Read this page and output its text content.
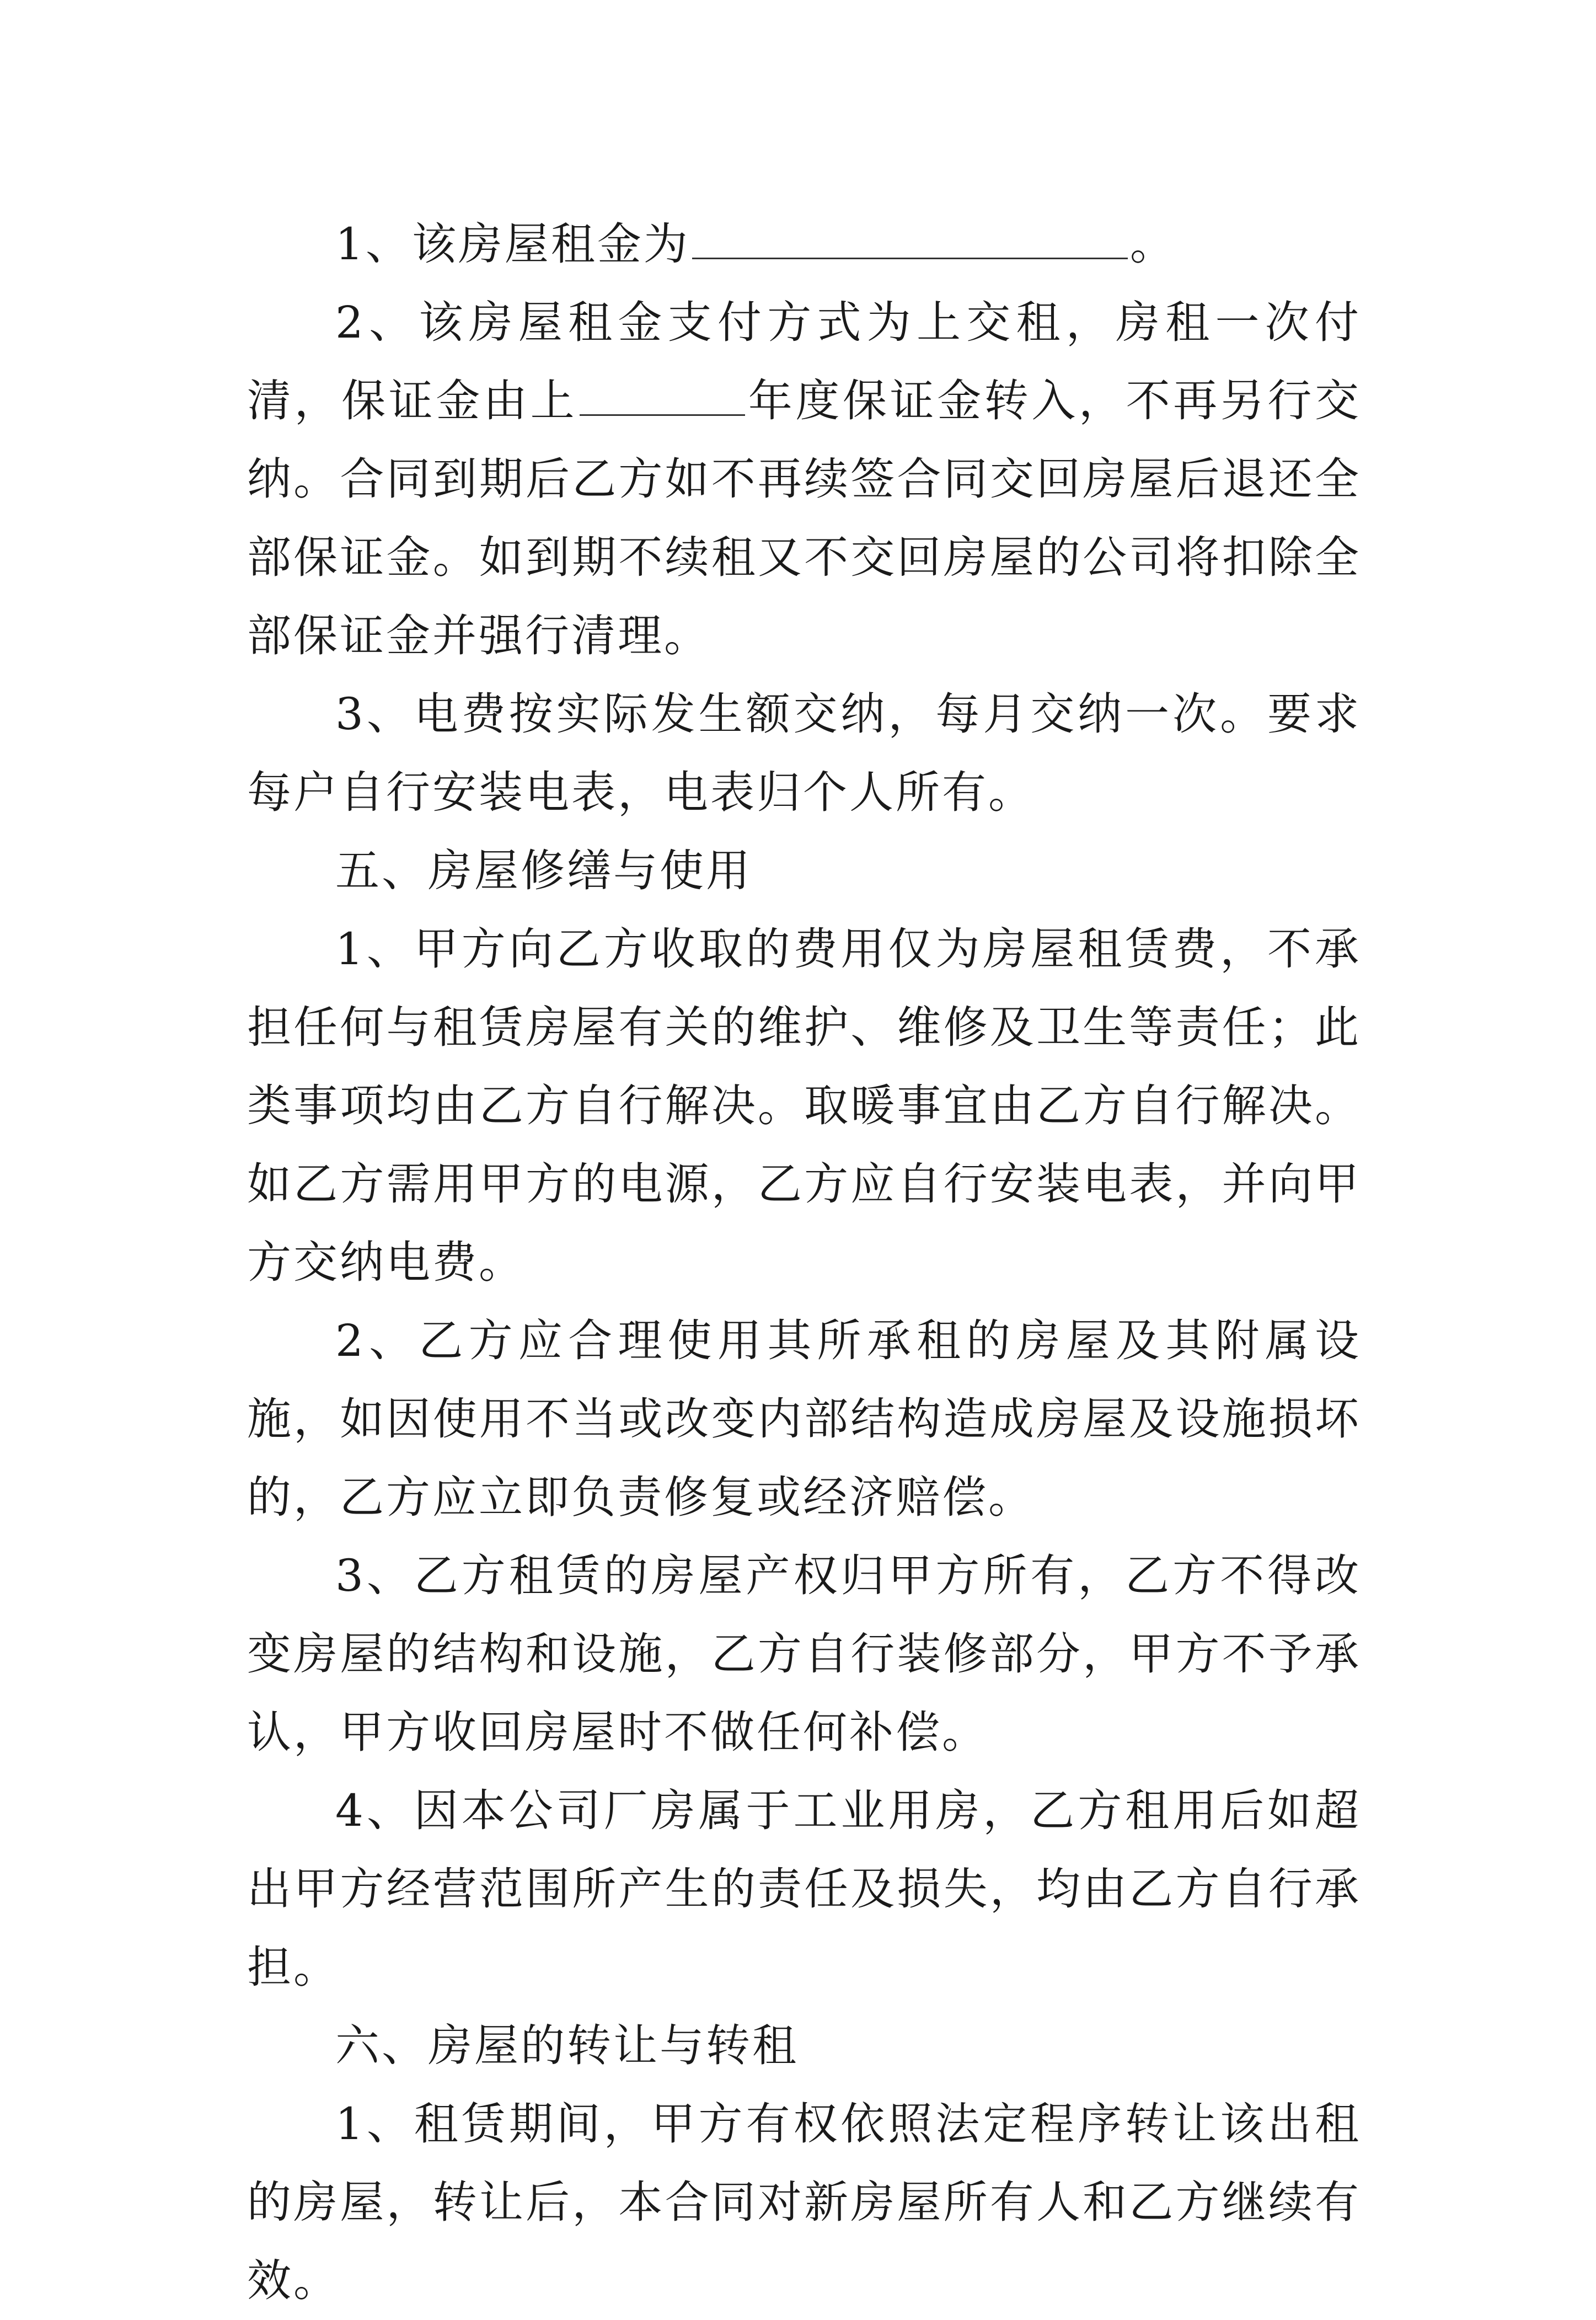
1、该房屋租金为	。

2、该房屋租金支付方式为上交租，房租一次付清，保证金由上	年度保证金转入，不再另行交纳。合同到期后乙方如不再续签合同交回房屋后退还全部保证金。如到期不续租又不交回房屋的公司将扣除全部保证金并强行清理。

3、电费按实际发生额交纳，每月交纳一次。要求每户自行安装电表，电表归个人所有。

五、房屋修缮与使用

1、甲方向乙方收取的费用仅为房屋租赁费，不承担任何与租赁房屋有关的维护、维修及卫生等责任；此类事项均由乙方自行解决。取暖事宜由乙方自行解决。如乙方需用甲方的电源，乙方应自行安装电表，并向甲方交纳电费。

2、乙方应合理使用其所承租的房屋及其附属设施，如因使用不当或改变内部结构造成房屋及设施损坏的，乙方应立即负责修复或经济赔偿。

3、乙方租赁的房屋产权归甲方所有，乙方不得改变房屋的结构和设施，乙方自行装修部分，甲方不予承认，甲方收回房屋时不做任何补偿。

4、因本公司厂房属于工业用房，乙方租用后如超出甲方经营范围所产生的责任及损失，均由乙方自行承担。

六、房屋的转让与转租

1、租赁期间，甲方有权依照法定程序转让该出租的房屋，转让后，本合同对新房屋所有人和乙方继续有效。
